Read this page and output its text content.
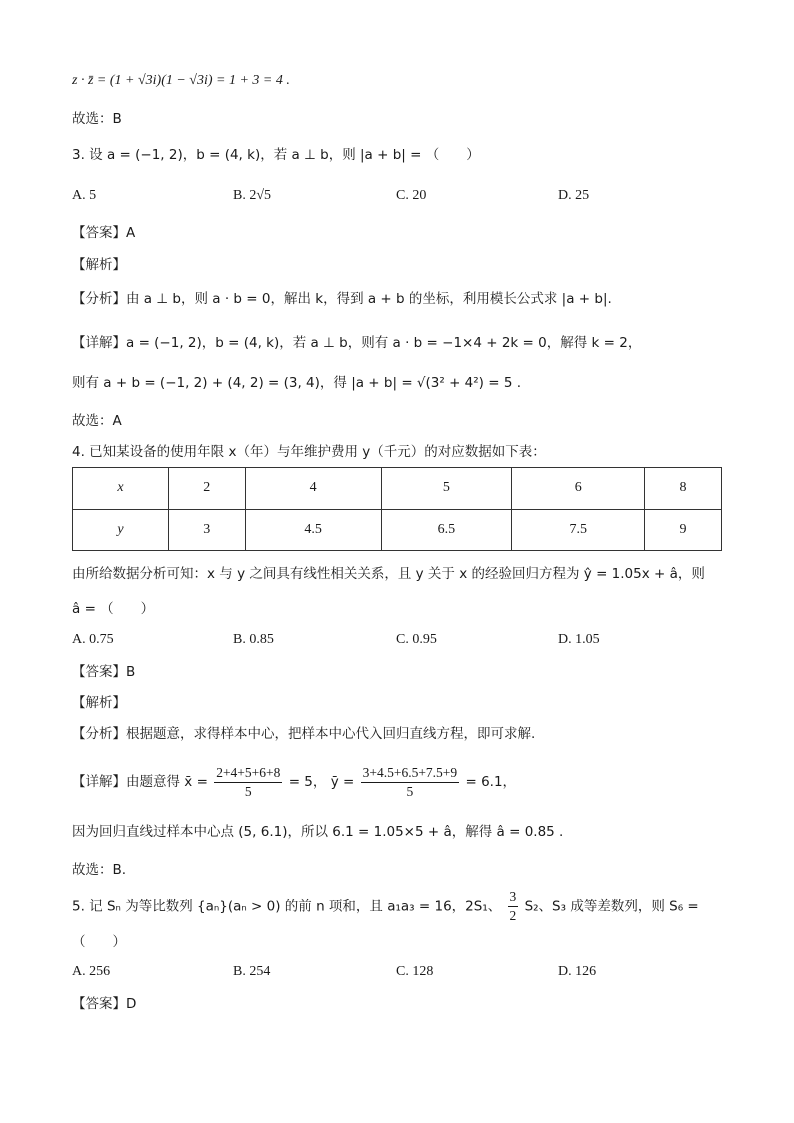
z · z̄ = (1 + √3i)(1 − √3i) = 1 + 3 = 4 .
故选：B
3. 设 a = (−1, 2)，b = (4, k)，若 a ⊥ b，则 |a + b| = （　　）
A. 5	B. 2√5	C. 20	D. 25
【答案】A
【解析】
【分析】由 a ⊥ b，则 a · b = 0，解出 k，得到 a + b 的坐标，利用模长公式求 |a + b|.
【详解】a = (−1, 2)，b = (4, k)，若 a ⊥ b，则有 a · b = −1×4 + 2k = 0，解得 k = 2，
则有 a + b = (−1, 2) + (4, 2) = (3, 4)，得 |a + b| = √(3² + 4²) = 5 .
故选：A
4. 已知某设备的使用年限 x（年）与年维护费用 y（千元）的对应数据如下表：
x	2	4	5	6	8
y	3	4.5	6.5	7.5	9
由所给数据分析可知：x 与 y 之间具有线性相关关系，且 y 关于 x 的经验回归方程为 ŷ = 1.05x + â，则
â = （　　）
A. 0.75	B. 0.85	C. 0.95	D. 1.05
【答案】B
【解析】
【分析】根据题意，求得样本中心，把样本中心代入回归直线方程，即可求解.
【详解】由题意得 x̄ = $\frac{2+4+5+6+8}{5} = 5$， ȳ = $\frac{3+4.5+6.5+7.5+9}{5} = 6.1$，
因为回归直线过样本中心点 (5, 6.1)，所以 6.1 = 1.05×5 + â，解得 â = 0.85 .
故选：B.
5. 记 Sₙ 为等比数列 {aₙ}(aₙ > 0) 的前 n 项和，且 a₁a₃ = 16，2S₁、 $\frac{3}{2} S_2$、S₃ 成等差数列，则 S₆ =
（　　）
A. 256	B. 254	C. 128	D. 126
【答案】D
